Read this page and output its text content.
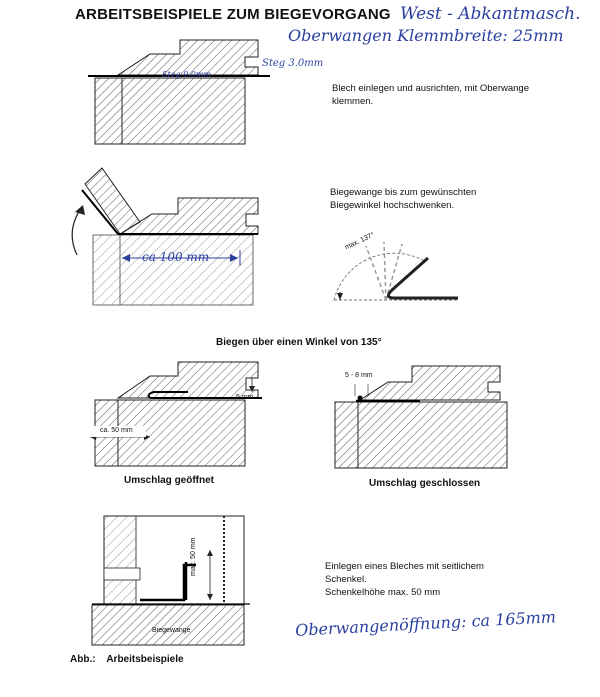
ARBEITSBEISPIELE ZUM BIEGEVORGANG West - Abkantmasch.
Oberwangen Klemmbreite: 25mm
Steg 3.0mm
Steg 9.0mm
Blech einlegen und ausrichten, mit Oberwange klemmen.
ca 100 mm
max. 137°
Biegewange bis zum gewünschten Biegewinkel hochschwenken.
Biegen über einen Winkel von 135°
5 mm
ca. 50 mm
Umschlag geöffnet
5 - 8 mm
Umschlag geschlossen
max. 50 mm
Biegewange
Einlegen eines Bleches mit seitlichem
Schenkel.
Schenkelhöhe max. 50 mm
Oberwangenöffnung: ca 165mm
Abb.: Arbeitsbeispiele
